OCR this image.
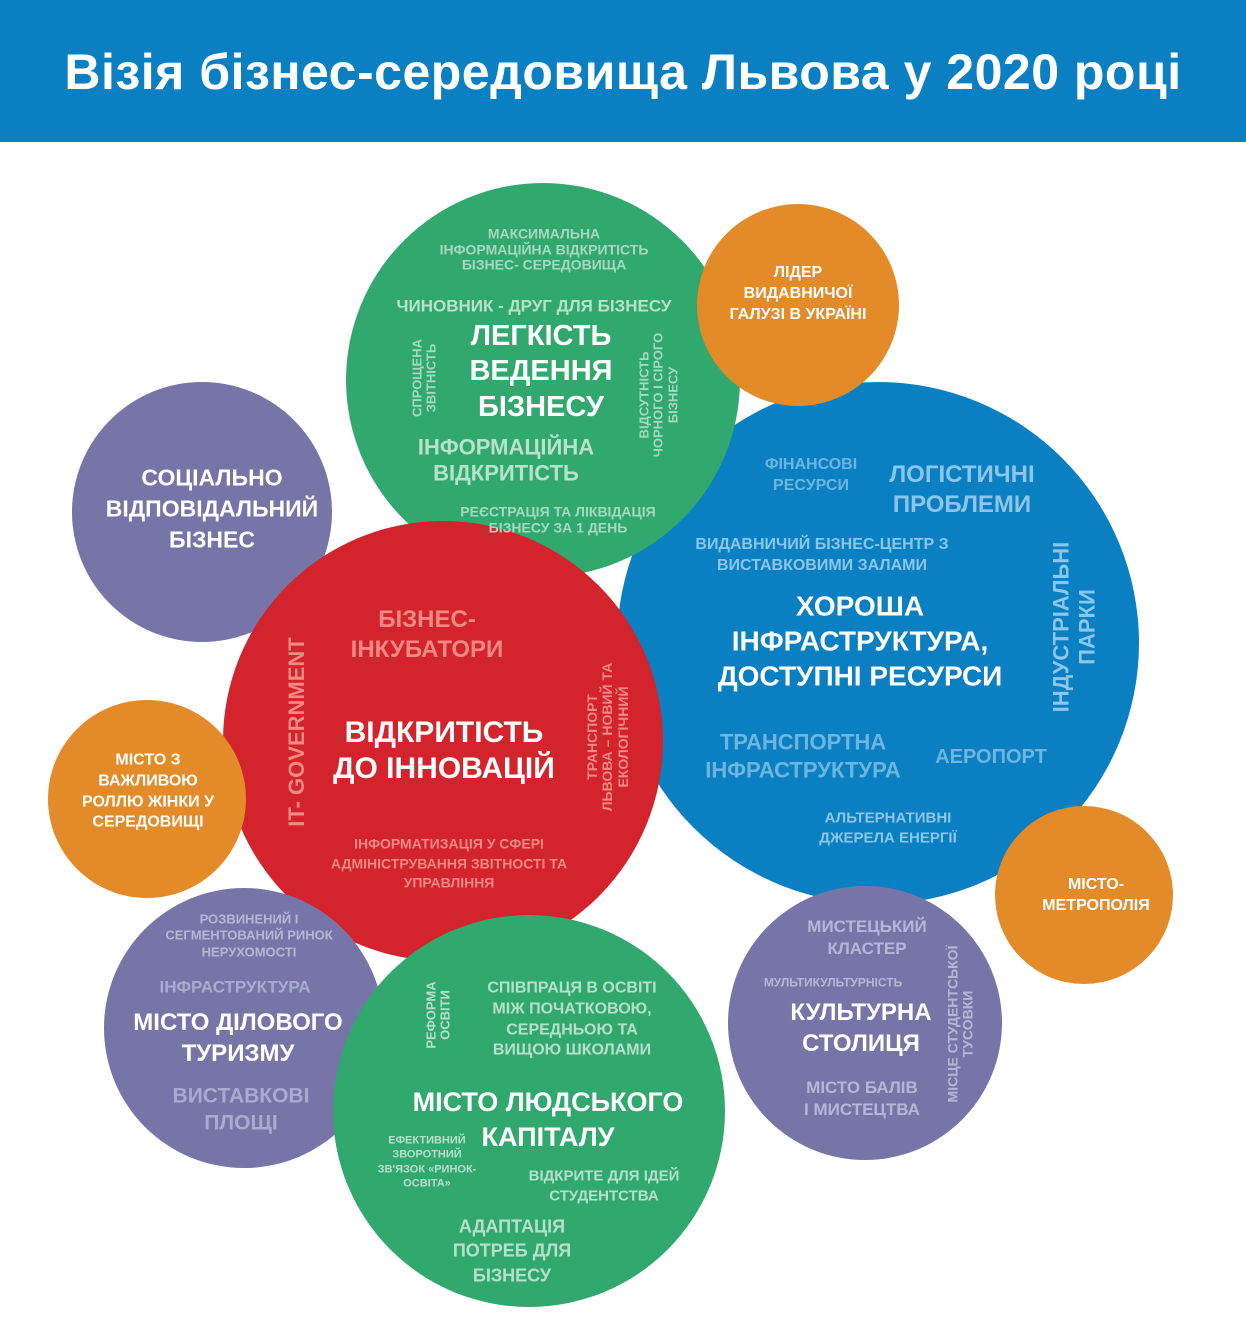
Візія бізнес-середовища Львова у 2020 році
МАКСИМАЛЬНА
ІНФОРМАЦІЙНА ВІДКРИТІСТЬ
БІЗНЕС- СЕРЕДОВИЩА
ЧИНОВНИК - ДРУГ ДЛЯ БІЗНЕСУ
ЛЕГКІСТЬ
ВЕДЕННЯ
БІЗНЕСУ
СПРОЩЕНА
ЗВІТНІСТЬ	ВІДСУТНІСТЬ
ЧОРНОГО І СІРОГО
БІЗНЕСУ
ІНФОРМАЦІЙНА
ВІДКРИТІСТЬ
РЕЄСТРАЦІЯ ТА ЛІКВІДАЦІЯ
БІЗНЕСУ ЗА 1 ДЕНЬ
ЛІДЕР
ВИДАВНИЧОЇ
ГАЛУЗІ В УКРАЇНІ
СОЦІАЛЬНО
ВІДПОВІДАЛЬНИЙ
БІЗНЕС
ФІНАНСОВІ
РЕСУРСИ	ЛОГІСТИЧНІ
ПРОБЛЕМИ
ВИДАВНИЧИЙ БІЗНЕС-ЦЕНТР З
ВИСТАВКОВИМИ ЗАЛАМИ	ІНДУСТРІАЛЬНІ
ПАРКИ
ХОРОША
ІНФРАСТРУКТУРА,
ДОСТУПНІ РЕСУРСИ
ТРАНСПОРТНА
ІНФРАСТРУКТУРА
АЕРОПОРТ
АЛЬТЕРНАТИВНІ
ДЖЕРЕЛА ЕНЕРГІЇ
БІЗНЕС-
ІНКУБАТОРИ
IT- GOVERNMENT	ВІДКРИТІСТЬ
ДО ІННОВАЦІЙ	ТРАНСПОРТ
ЛЬВОВА – НОВИЙ ТА
ЕКОЛОГІЧНИЙ
ІНФОРМАТИЗАЦІЯ У СФЕРІ
АДМІНІСТРУВАННЯ ЗВІТНОСТІ ТА
УПРАВЛІННЯ
МІСТО З
ВАЖЛИВОЮ
РОЛЛЮ ЖІНКИ У
СЕРЕДОВИЩІ
МІСТО-
МЕТРОПОЛІЯ
РОЗВИНЕНИЙ І
СЕГМЕНТОВАНИЙ РИНОК
НЕРУХОМОСТІ
ІНФРАСТРУКТУРА
МІСТО ДІЛОВОГО
ТУРИЗМУ
ВИСТАВКОВІ
ПЛОЩІ
РЕФОРМА
ОСВІТИ
СПІВПРАЦЯ В ОСВІТІ
МІЖ ПОЧАТКОВОЮ,
СЕРЕДНЬОЮ ТА
ВИЩОЮ ШКОЛАМИ
МІСТО ЛЮДСЬКОГО
КАПІТАЛУ
ЕФЕКТИВНИЙ
ЗВОРОТНИЙ
ЗВ'ЯЗОК «РИНОК-
ОСВІТА»	ВІДКРИТЕ ДЛЯ ІДЕЙ
СТУДЕНТСТВА
АДАПТАЦІЯ
ПОТРЕБ ДЛЯ
БІЗНЕСУ
МИСТЕЦЬКИЙ
КЛАСТЕР
МУЛЬТИКУЛЬТУРНІСТЬ
КУЛЬТУРНА
СТОЛИЦЯ
МІСЦЕ СТУДЕНТСЬКОЇ
ТУСОВКИ
МІСТО БАЛІВ
І МИСТЕЦТВА
